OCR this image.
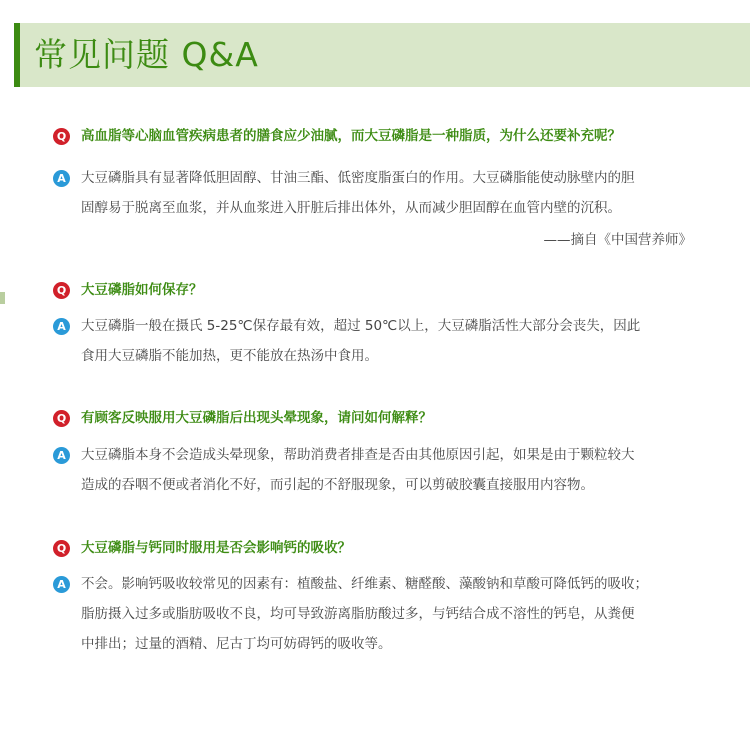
常见问题 Q&A
Q 高血脂等心脑血管疾病患者的膳食应少油腻，而大豆磷脂是一种脂质，为什么还要补充呢？
A	大豆磷脂具有显著降低胆固醇、甘油三酯、低密度脂蛋白的作用。大豆磷脂能使动脉壁内的胆
固醇易于脱离至血浆，并从血浆进入肝脏后排出体外，从而减少胆固醇在血管内壁的沉积。
——摘自《中国营养师》
Q 大豆磷脂如何保存？
A	大豆磷脂一般在摄氏 5-25℃保存最有效，超过 50℃以上，大豆磷脂活性大部分会丧失，因此
食用大豆磷脂不能加热，更不能放在热汤中食用。
Q 有顾客反映服用大豆磷脂后出现头晕现象，请问如何解释？
A	大豆磷脂本身不会造成头晕现象，帮助消费者排查是否由其他原因引起，如果是由于颗粒较大
造成的吞咽不便或者消化不好，而引起的不舒服现象，可以剪破胶囊直接服用内容物。
Q 大豆磷脂与钙同时服用是否会影响钙的吸收？
A	不会。影响钙吸收较常见的因素有：植酸盐、纤维素、糖醛酸、藻酸钠和草酸可降低钙的吸收；
脂肪摄入过多或脂肪吸收不良，均可导致游离脂肪酸过多，与钙结合成不溶性的钙皂，从粪便
中排出；过量的酒精、尼古丁均可妨碍钙的吸收等。
